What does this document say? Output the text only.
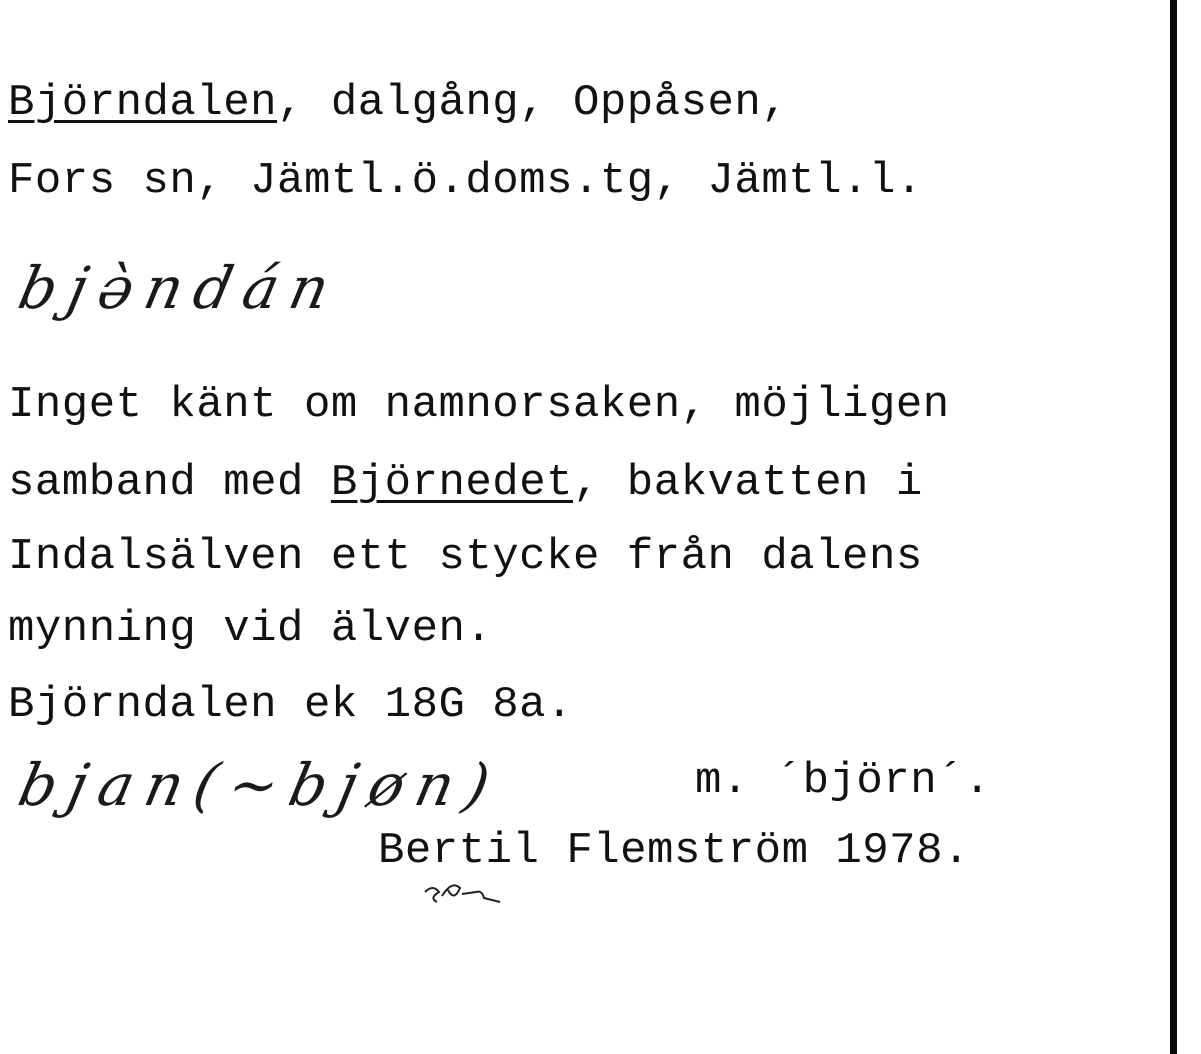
Björndalen, dalgång, Oppåsen,
Fors sn, Jämtl.ö.doms.tg, Jämtl.l.
bjə̀ndán
Inget känt om namnorsaken, möjligen
samband med Björnedet, bakvatten i
Indalsälven ett stycke från dalens
mynning vid älven.
Björndalen ek 18G 8a.
bjan(~bjøn)	m. ´björn´.
Bertil Flemström 1978.
